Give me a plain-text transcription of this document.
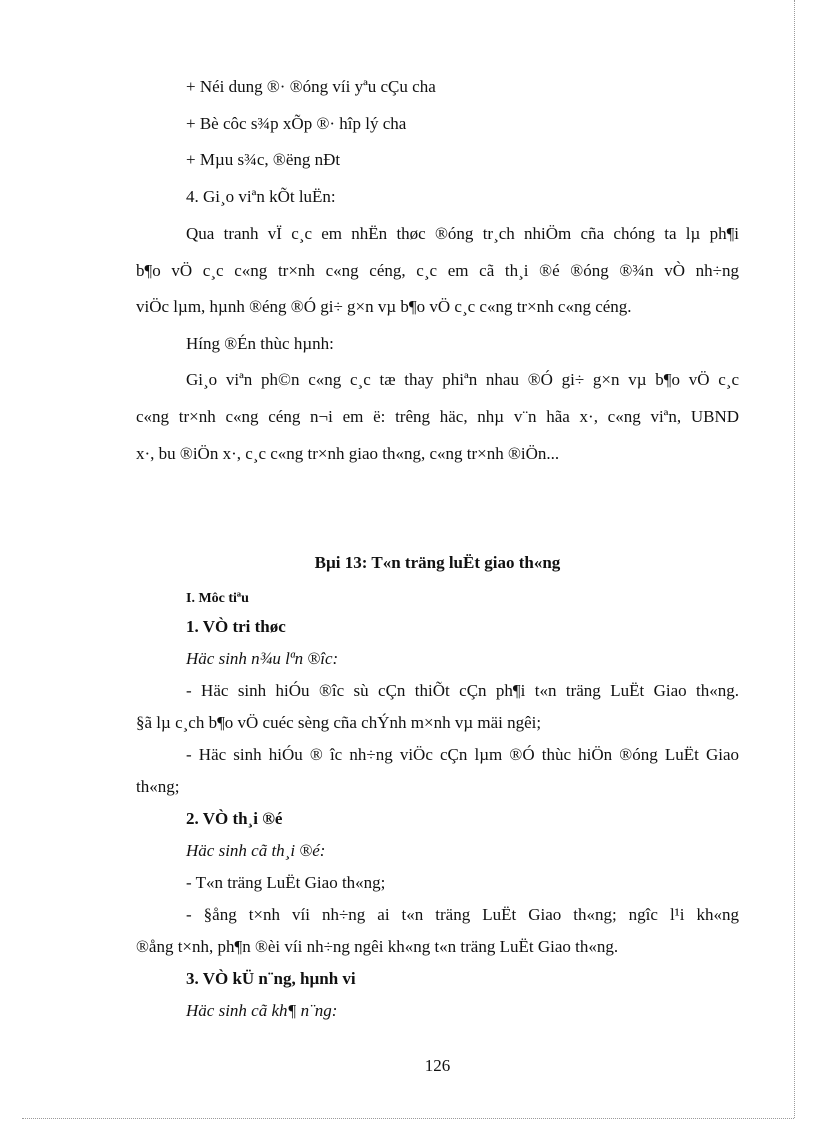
+ Néi dung ®· ®óng víi yªu cÇu cha
+ Bè côc s¾p xÕp ®· hîp lý cha
+ Mµu s¾c, ®ëng nÐt
4. Gi¸o viªn kÕt luËn:
Qua tranh vÏ c¸c em nhËn thøc ®óng tr¸ch nhiÖm cña chóng ta lµ ph¶i
b¶o vÖ c¸c c«ng tr×nh c«ng céng, c¸c em cã th¸i ®é ®óng ®¾n vÒ nh÷ng
viÖc lµm, hµnh ®éng ®Ó gi÷ g×n vµ b¶o vÖ c¸c c«ng tr×nh c«ng céng.
Híng ®Én thùc hµnh:
Gi¸o viªn ph©n c«ng c¸c tæ thay phiªn nhau ®Ó gi÷ g×n vµ b¶o vÖ c¸c
c«ng tr×nh c«ng céng n¬i em ë: trêng häc, nhµ v¨n hãa x·, c«ng viªn, UBND
x·, bu ®iÖn x·, c¸c c«ng tr×nh giao th«ng, c«ng tr×nh ®iÖn...
Bµi 13: T«n träng luËt giao th«ng
I. Môc tiªu
1. VÒ tri thøc
Häc sinh n¾u lªn ®îc:
- Häc sinh hiÓu ®îc sù cÇn thiÕt cÇn ph¶i t«n träng LuËt Giao th«ng.
§ã lµ c¸ch b¶o vÖ cuéc sèng cña chÝnh m×nh vµ mäi ngêi;
- Häc sinh hiÓu ® îc nh÷ng viÖc cÇn lµm ®Ó thùc hiÖn ®óng LuËt Giao
th«ng;
2. VÒ th¸i ®é
Häc sinh cã th¸i ®é:
- T«n träng LuËt Giao th«ng;
- §ång t×nh víi nh÷ng ai t«n träng LuËt Giao th«ng; ngîc l¹i kh«ng
®ång t×nh, ph¶n ®èi víi nh÷ng ngêi kh«ng t«n träng LuËt Giao th«ng.
3. VÒ kÜ n¨ng, hµnh vi
Häc sinh cã kh¶ n¨ng:
126
